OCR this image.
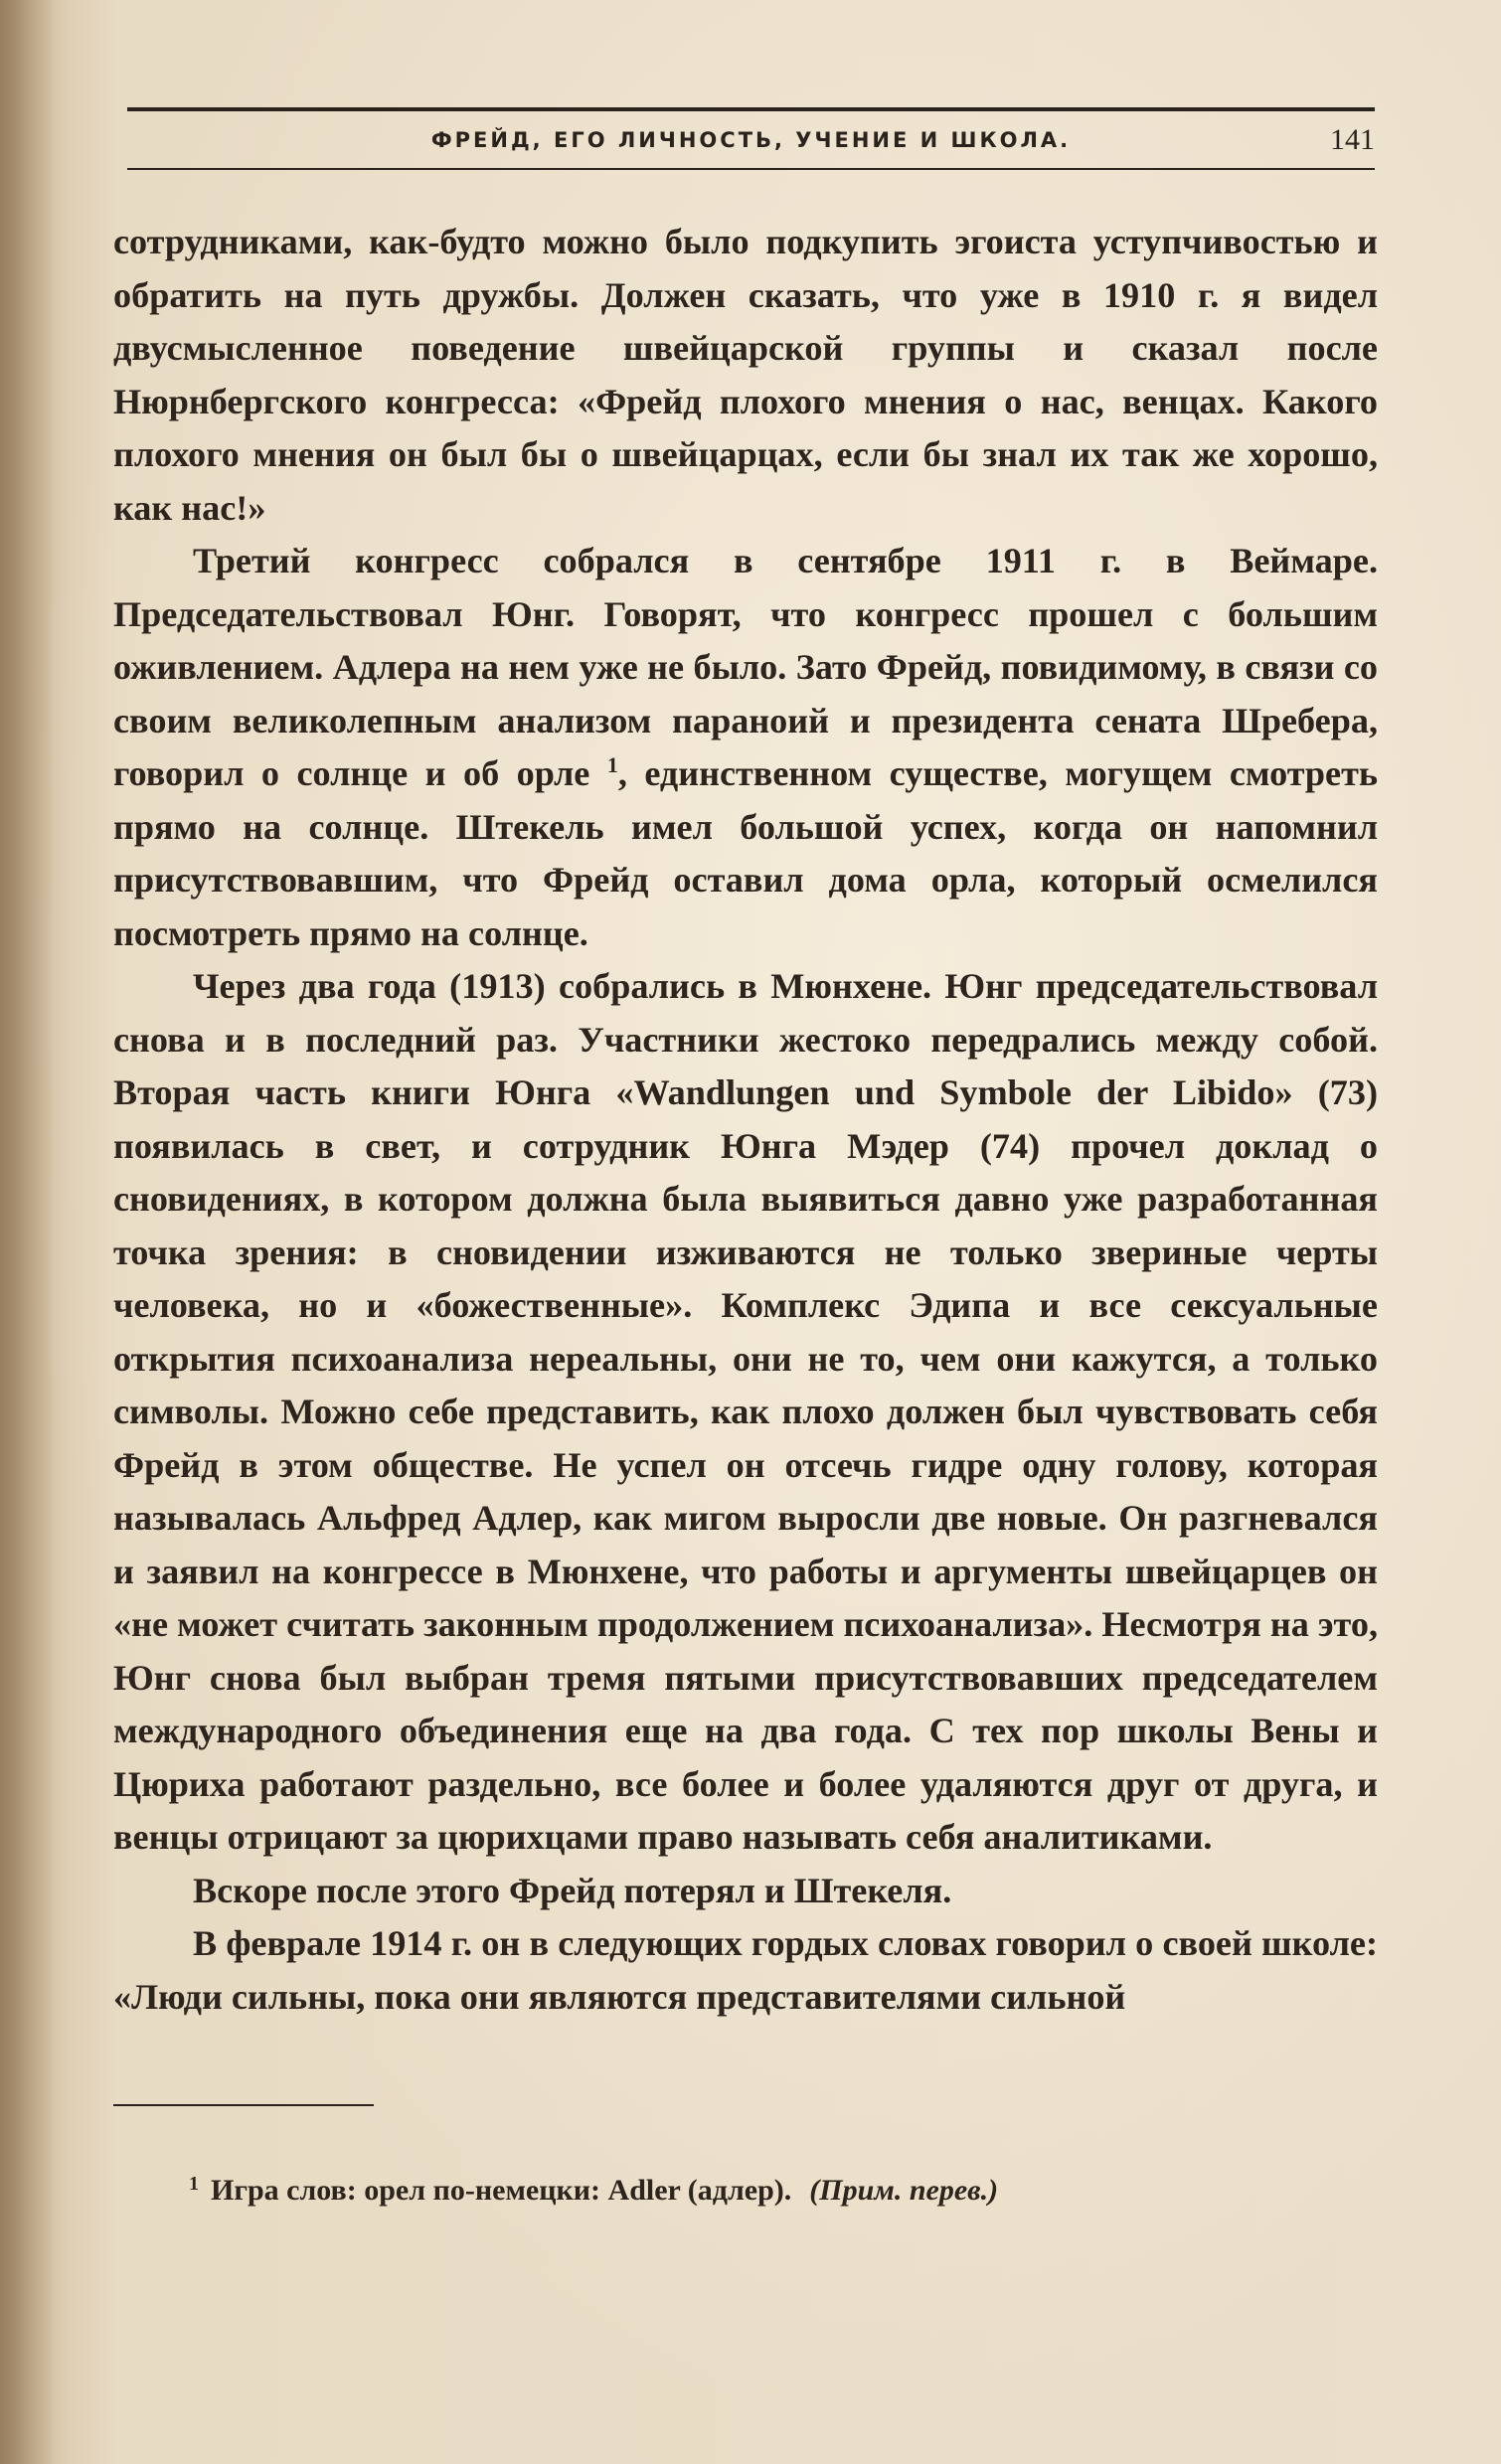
ФРЕЙД, ЕГО ЛИЧНОСТЬ, УЧЕНИЕ И ШКОЛА.	141

сотрудниками, как-будто можно было подкупить эгоиста уступчивостью и обратить на путь дружбы. Должен сказать, что уже в 1910 г. я видел двусмысленное поведение швейцарской группы и сказал после Нюрнбергского конгресса: «Фрейд плохого мнения о нас, венцах. Какого плохого мнения он был бы о швейцарцах, если бы знал их так же хорошо, как нас!»

Третий конгресс собрался в сентябре 1911 г. в Веймаре. Председательствовал Юнг. Говорят, что конгресс прошел с большим оживлением. Адлера на нем уже не было. Зато Фрейд, повидимому, в связи со своим великолепным анализом параноий и президента сената Шребера, говорил о солнце и об орле $^1$, единственном существе, могущем смотреть прямо на солнце. Штекель имел большой успех, когда он напомнил присутствовавшим, что Фрейд оставил дома орла, который осмелился посмотреть прямо на солнце.

Через два года (1913) собрались в Мюнхене. Юнг председательствовал снова и в последний раз. Участники жестоко передрались между собой. Вторая часть книги Юнга «Wandlungen und Symbole der Libido» (73) появилась в свет, и сотрудник Юнга Мэдер (74) прочел доклад о сновидениях, в котором должна была выявиться давно уже разработанная точка зрения: в сновидении изживаются не только звериные черты человека, но и «божественные». Комплекс Эдипа и все сексуальные открытия психоанализа нереальны, они не то, чем они кажутся, а только символы. Можно себе представить, как плохо должен был чувствовать себя Фрейд в этом обществе. Не успел он отсечь гидре одну голову, которая называлась Альфред Адлер, как мигом выросли две новые. Он разгневался и заявил на конгрессе в Мюнхене, что работы и аргументы швейцарцев он «не может считать законным продолжением психоанализа». Несмотря на это, Юнг снова был выбран тремя пятыми присутствовавших председателем международного объединения еще на два года. С тех пор школы Вены и Цюриха работают раздельно, все более и более удаляются друг от друга, и венцы отрицают за цюрихцами право называть себя аналитиками.

Вскоре после этого Фрейд потерял и Штекеля.

В феврале 1914 г. он в следующих гордых словах говорил о своей школе: «Люди сильны, пока они являются представителями сильной

$^1$ Игра слов: орел по-немецки: Adler (адлер). (Прим. перев.)
